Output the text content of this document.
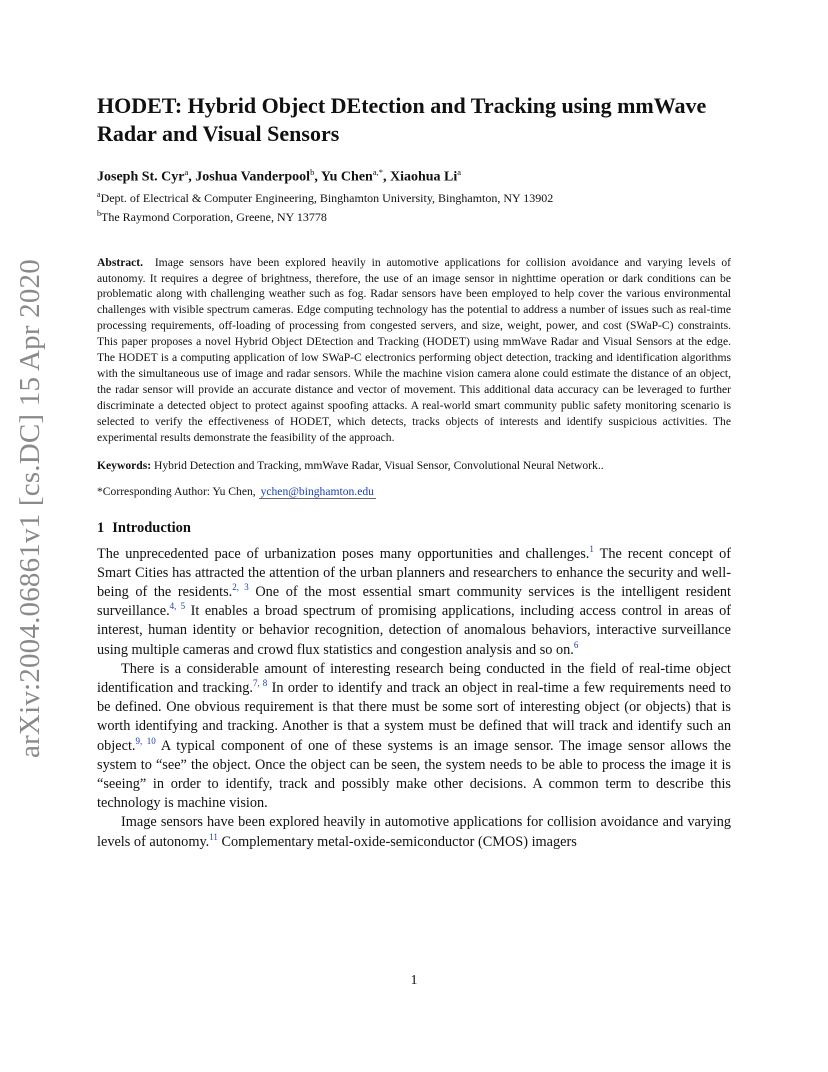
arXiv:2004.06861v1 [cs.DC] 15 Apr 2020
HODET: Hybrid Object DEtection and Tracking using mmWave Radar and Visual Sensors
Joseph St. Cyr$^a$, Joshua Vanderpool$^b$, Yu Chen$^{a,*}$, Xiaohua Li$^a$
$^a$Dept. of Electrical & Computer Engineering, Binghamton University, Binghamton, NY 13902
$^b$The Raymond Corporation, Greene, NY 13778
Abstract. Image sensors have been explored heavily in automotive applications for collision avoidance and varying levels of autonomy. It requires a degree of brightness, therefore, the use of an image sensor in nighttime operation or dark conditions can be problematic along with challenging weather such as fog. Radar sensors have been employed to help cover the various environmental challenges with visible spectrum cameras. Edge computing technology has the potential to address a number of issues such as real-time processing requirements, off-loading of processing from congested servers, and size, weight, power, and cost (SWaP-C) constraints. This paper proposes a novel Hybrid Object DEtection and Tracking (HODET) using mmWave Radar and Visual Sensors at the edge. The HODET is a computing application of low SWaP-C electronics performing object detection, tracking and identification algorithms with the simultaneous use of image and radar sensors. While the machine vision camera alone could estimate the distance of an object, the radar sensor will provide an accurate distance and vector of movement. This additional data accuracy can be leveraged to further discriminate a detected object to protect against spoofing attacks. A real-world smart community public safety monitoring scenario is selected to verify the effectiveness of HODET, which detects, tracks objects of interests and identify suspicious activities. The experimental results demonstrate the feasibility of the approach.
Keywords: Hybrid Detection and Tracking, mmWave Radar, Visual Sensor, Convolutional Neural Network..
*Corresponding Author: Yu Chen, ychen@binghamton.edu
1 Introduction

The unprecedented pace of urbanization poses many opportunities and challenges.$^1$ The recent concept of Smart Cities has attracted the attention of the urban planners and researchers to enhance the security and well-being of the residents.$^{2, 3}$ One of the most essential smart community services is the intelligent resident surveillance.$^{4, 5}$ It enables a broad spectrum of promising applications, including access control in areas of interest, human identity or behavior recognition, detection of anomalous behaviors, interactive surveillance using multiple cameras and crowd flux statistics and congestion analysis and so on.$^6$

There is a considerable amount of interesting research being conducted in the field of real-time object identification and tracking.$^{7, 8}$ In order to identify and track an object in real-time a few requirements need to be defined. One obvious requirement is that there must be some sort of interesting object (or objects) that is worth identifying and tracking. Another is that a system must be defined that will track and identify such an object.$^{9, 10}$ A typical component of one of these systems is an image sensor. The image sensor allows the system to “see” the object. Once the object can be seen, the system needs to be able to process the image it is “seeing” in order to identify, track and possibly make other decisions. A common term to describe this technology is machine vision.

Image sensors have been explored heavily in automotive applications for collision avoidance and varying levels of autonomy.$^{11}$ Complementary metal-oxide-semiconductor (CMOS) imagers

1
